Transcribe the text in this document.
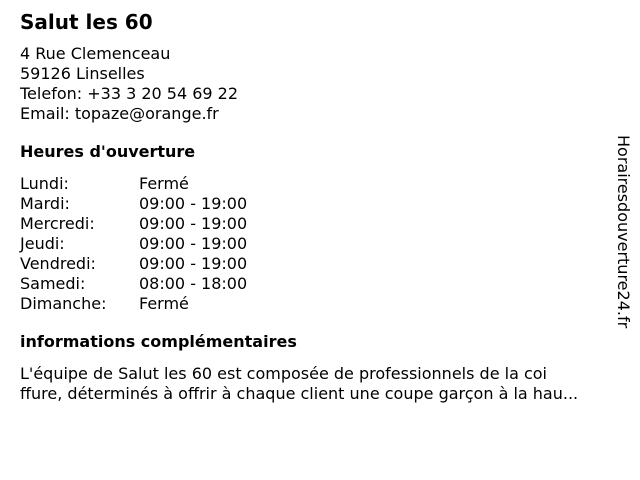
Salut les 60
4 Rue Clemenceau
59126 Linselles
Telefon: +33 3 20 54 69 22
Email: topaze@orange.fr
Heures d'ouverture
Lundi:	Fermé
Mardi:	09:00 - 19:00
Mercredi:	09:00 - 19:00
Jeudi:	09:00 - 19:00
Vendredi:	09:00 - 19:00
Samedi:	08:00 - 18:00
Dimanche:	Fermé
informations complémentaires
L'équipe de Salut les 60 est composée de professionnels de la coi
ffure, déterminés à offrir à chaque client une coupe garçon à la hau...
Horairesdouverture24.fr
